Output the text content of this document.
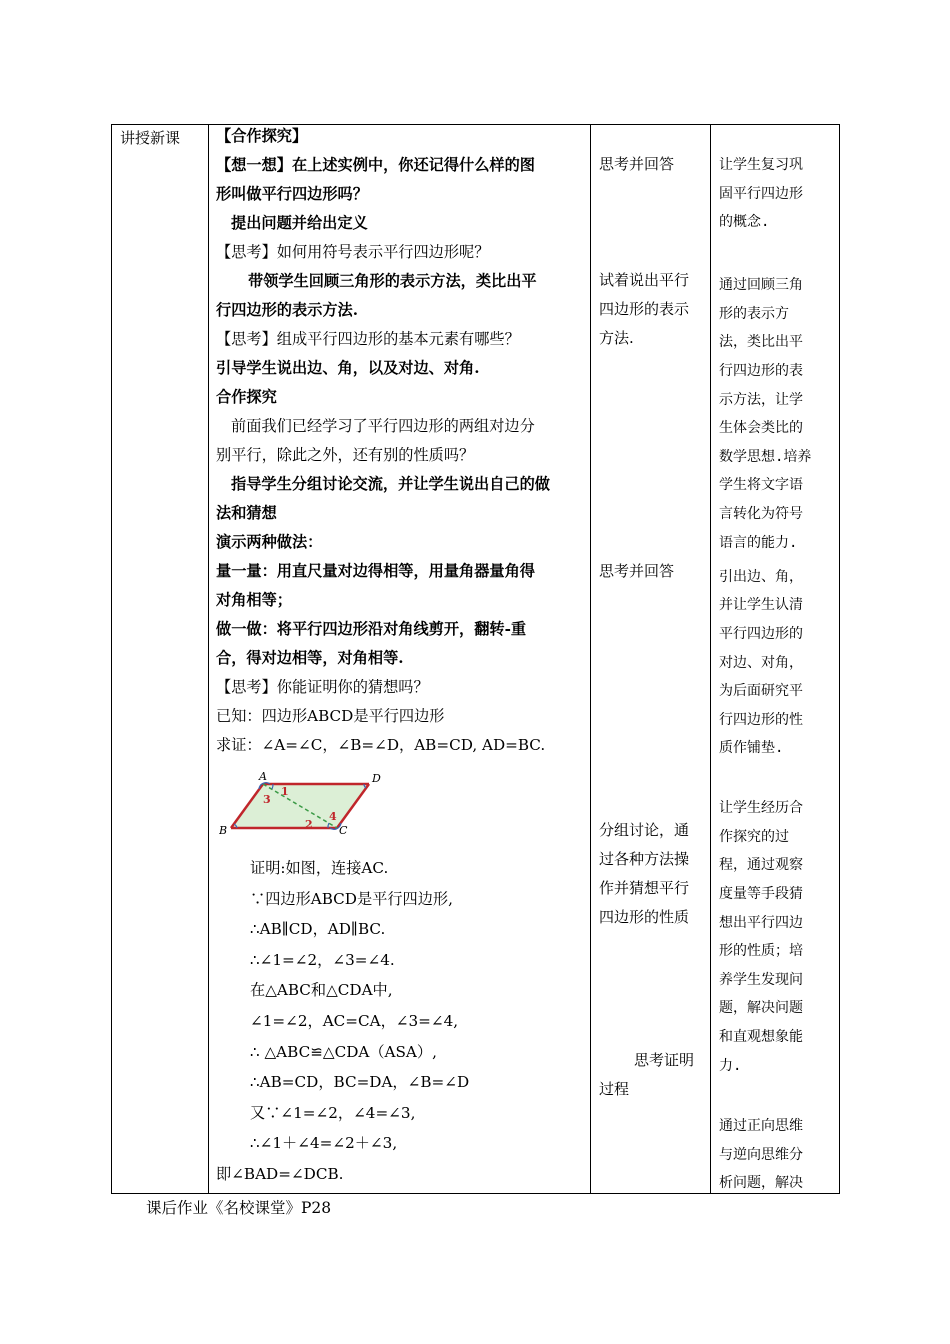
讲授新课 【合作探究】
【想一想】在上述实例中，你还记得什么样的图
形叫做平行四边形吗？
提出问题并给出定义
【思考】如何用符号表示平行四边形呢？
带领学生回顾三角形的表示方法，类比出平
行四边形的表示方法.
【思考】组成平行四边形的基本元素有哪些？
引导学生说出边、角，以及对边、对角.
合作探究
前面我们已经学习了平行四边形的两组对边分
别平行，除此之外，还有别的性质吗？
指导学生分组讨论交流，并让学生说出自己的做
法和猜想
演示两种做法：
量一量：用直尺量对边得相等，用量角器量角得
对角相等；
做一做：将平行四边形沿对角线剪开，翻转-重
合，得对边相等，对角相等.
【思考】你能证明你的猜想吗？
已知：四边形ABCD是平行四边形
求证：∠A=∠C，∠B=∠D，AB=CD, AD=BC.
证明:如图，连接AC.
∵四边形ABCD是平行四边形,
∴AB∥CD，AD∥BC.
∴∠1=∠2，∠3=∠4.
在△ABC和△CDA中,
∠1=∠2，AC=CA，∠3=∠4,
∴ △ABC≌△CDA（ASA）,
∴AB=CD，BC=DA，∠B=∠D
又∵∠1=∠2，∠4=∠3,
∴∠1＋∠4=∠2＋∠3,
即∠BAD=∠DCB.
思考并回答
试着说出平行
四边形的表示
方法.
思考并回答
分组讨论，通
过各种方法操
作并猜想平行
四边形的性质
思考证明
过程
让学生复习巩
固平行四边形
的概念.
通过回顾三角
形的表示方
法，类比出平
行四边形的表
示方法，让学
生体会类比的
数学思想.培养
学生将文字语
言转化为符号
语言的能力.
引出边、角，
并让学生认清
平行四边形的
对边、对角，
为后面研究平
行四边形的性
质作铺垫.
让学生经历合
作探究的过
程，通过观察
度量等手段猜
想出平行四边
形的性质；培
养学生发现问
题，解决问题
和直观想象能
力.
通过正向思维
与逆向思维分
析问题，解决
A	D
B	C
1
2
3
4
课后作业《名校课堂》P28
